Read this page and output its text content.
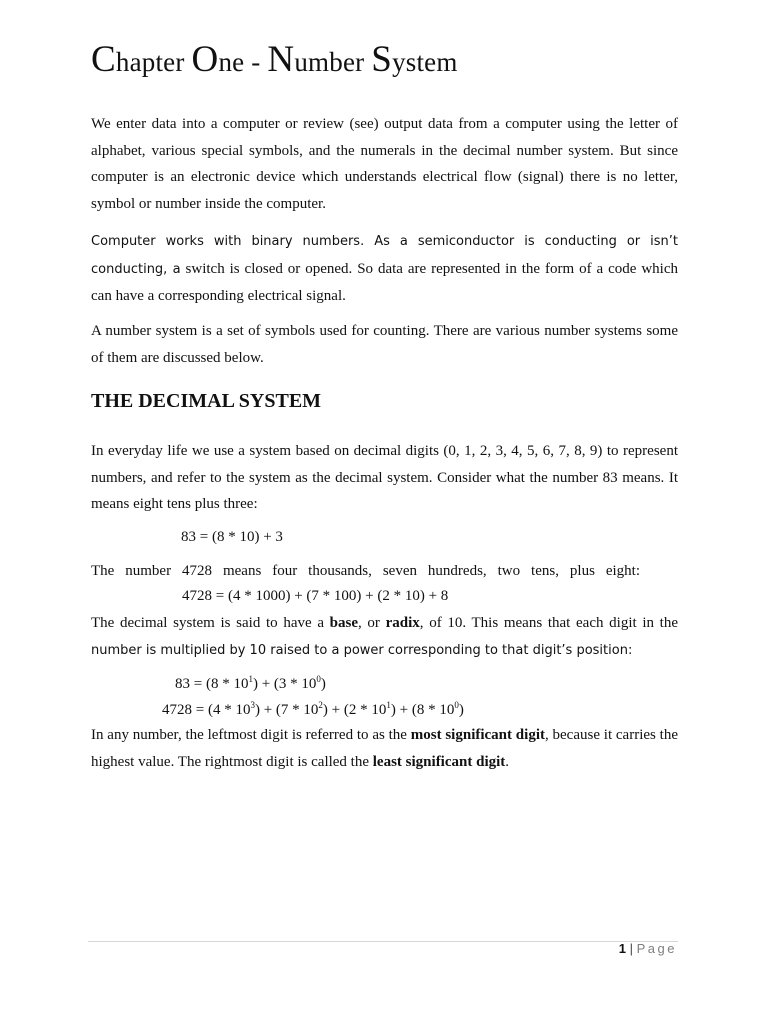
Chapter One - Number System

We enter data into a computer or review (see) output data from a computer using the letter of alphabet, various special symbols, and the numerals in the decimal number system. But since computer is an electronic device which understands electrical flow (signal) there is no letter, symbol or number inside the computer.

Computer works with binary numbers. As a semiconductor is conducting or isn’t conducting, a switch is closed or opened. So data are represented in the form of a code which can have a corresponding electrical signal.

A number system is a set of symbols used for counting. There are various number systems some of them are discussed below.

THE DECIMAL SYSTEM

In everyday life we use a system based on decimal digits (0, 1, 2, 3, 4, 5, 6, 7, 8, 9) to represent numbers, and refer to the system as the decimal system. Consider what the number 83 means. It means eight tens plus three:

83 = (8 * 10) + 3

The number 4728 means four thousands, seven hundreds, two tens, plus eight:

4728 = (4 * 1000) + (7 * 100) + (2 * 10) + 8

The decimal system is said to have a base, or radix, of 10. This means that each digit in the number is multiplied by 10 raised to a power corresponding to that digit’s position:

$83 = (8 * 10^1) + (3 * 10^0)$

$4728 = (4 * 10^3) + (7 * 10^2) + (2 * 10^1) + (8 * 10^0)$

In any number, the leftmost digit is referred to as the most significant digit, because it carries the highest value. The rightmost digit is called the least significant digit.

1 | Page
